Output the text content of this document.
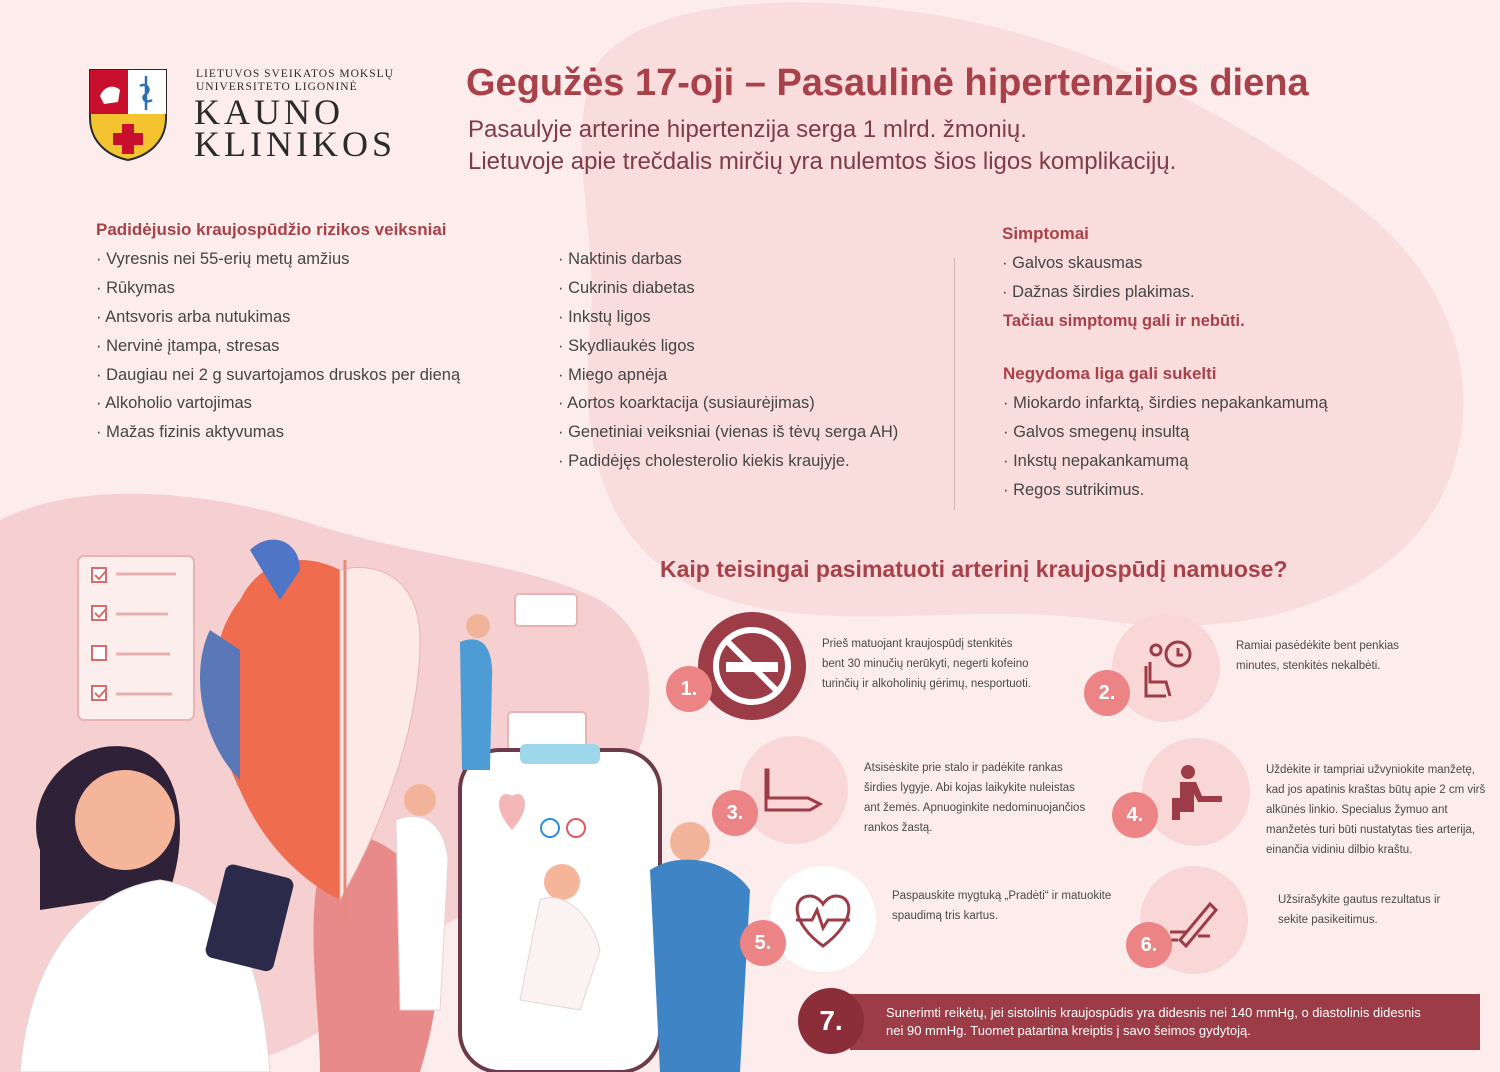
LIETUVOS SVEIKATOS MOKSLŲ
UNIVERSITETO LIGONINĖ
KAUNO
KLINIKOS
Gegužės 17-oji – Pasaulinė hipertenzijos diena
Pasaulyje arterine hipertenzija serga 1 mlrd. žmonių.
Lietuvoje apie trečdalis mirčių yra nulemtos šios ligos komplikacijų.
Padidėjusio kraujospūdžio rizikos veiksniai
· Vyresnis nei 55-erių metų amžius
· Rūkymas
· Antsvoris arba nutukimas
· Nervinė įtampa, stresas
· Daugiau nei 2 g suvartojamos druskos per dieną
· Alkoholio vartojimas
· Mažas fizinis aktyvumas
· Naktinis darbas
· Cukrinis diabetas
· Inkstų ligos
· Skydliaukės ligos
· Miego apnėja
· Aortos koarktacija (susiaurėjimas)
· Genetiniai veiksniai (vienas iš tėvų serga AH)
· Padidėjęs cholesterolio kiekis kraujyje.
Simptomai
· Galvos skausmas
· Dažnas širdies plakimas.
Tačiau simptomų gali ir nebūti.
Negydoma liga gali sukelti
· Miokardo infarktą, širdies nepakankamumą
· Galvos smegenų insultą
· Inkstų nepakankamumą
· Regos sutrikimus.
Kaip teisingai pasimatuoti arterinį kraujospūdį namuose?
1.
Prieš matuojant kraujospūdį stenkitės
bent 30 minučių nerūkyti, negerti kofeino
turinčių ir alkoholinių gėrimų, nesportuoti.	2.
Ramiai pasėdėkite bent penkias
minutes, stenkitės nekalbėti.
3.
Atsisėskite prie stalo ir padėkite rankas
širdies lygyje. Abi kojas laikykite nuleistas
ant žemės. Apnuoginkite nedominuojančios
rankos žastą.
4.
Uždėkite ir tampriai užvyniokite manžetę,
kad jos apatinis kraštas būtų apie 2 cm virš
alkūnės linkio. Specialus žymuo ant
manžetės turi būti nustatytas ties arterija,
einančia vidiniu dilbio kraštu.
5.
Paspauskite mygtuką „Pradėti“ ir matuokite
spaudimą tris kartus.
6.
Užsirašykite gautus rezultatus ir
sekite pasikeitimus.
Sunerimti reikėtų, jei sistolinis kraujospūdis yra didesnis nei 140 mmHg, o diastolinis didesnis
nei 90 mmHg. Tuomet patartina kreiptis į savo šeimos gydytoją.
7.
